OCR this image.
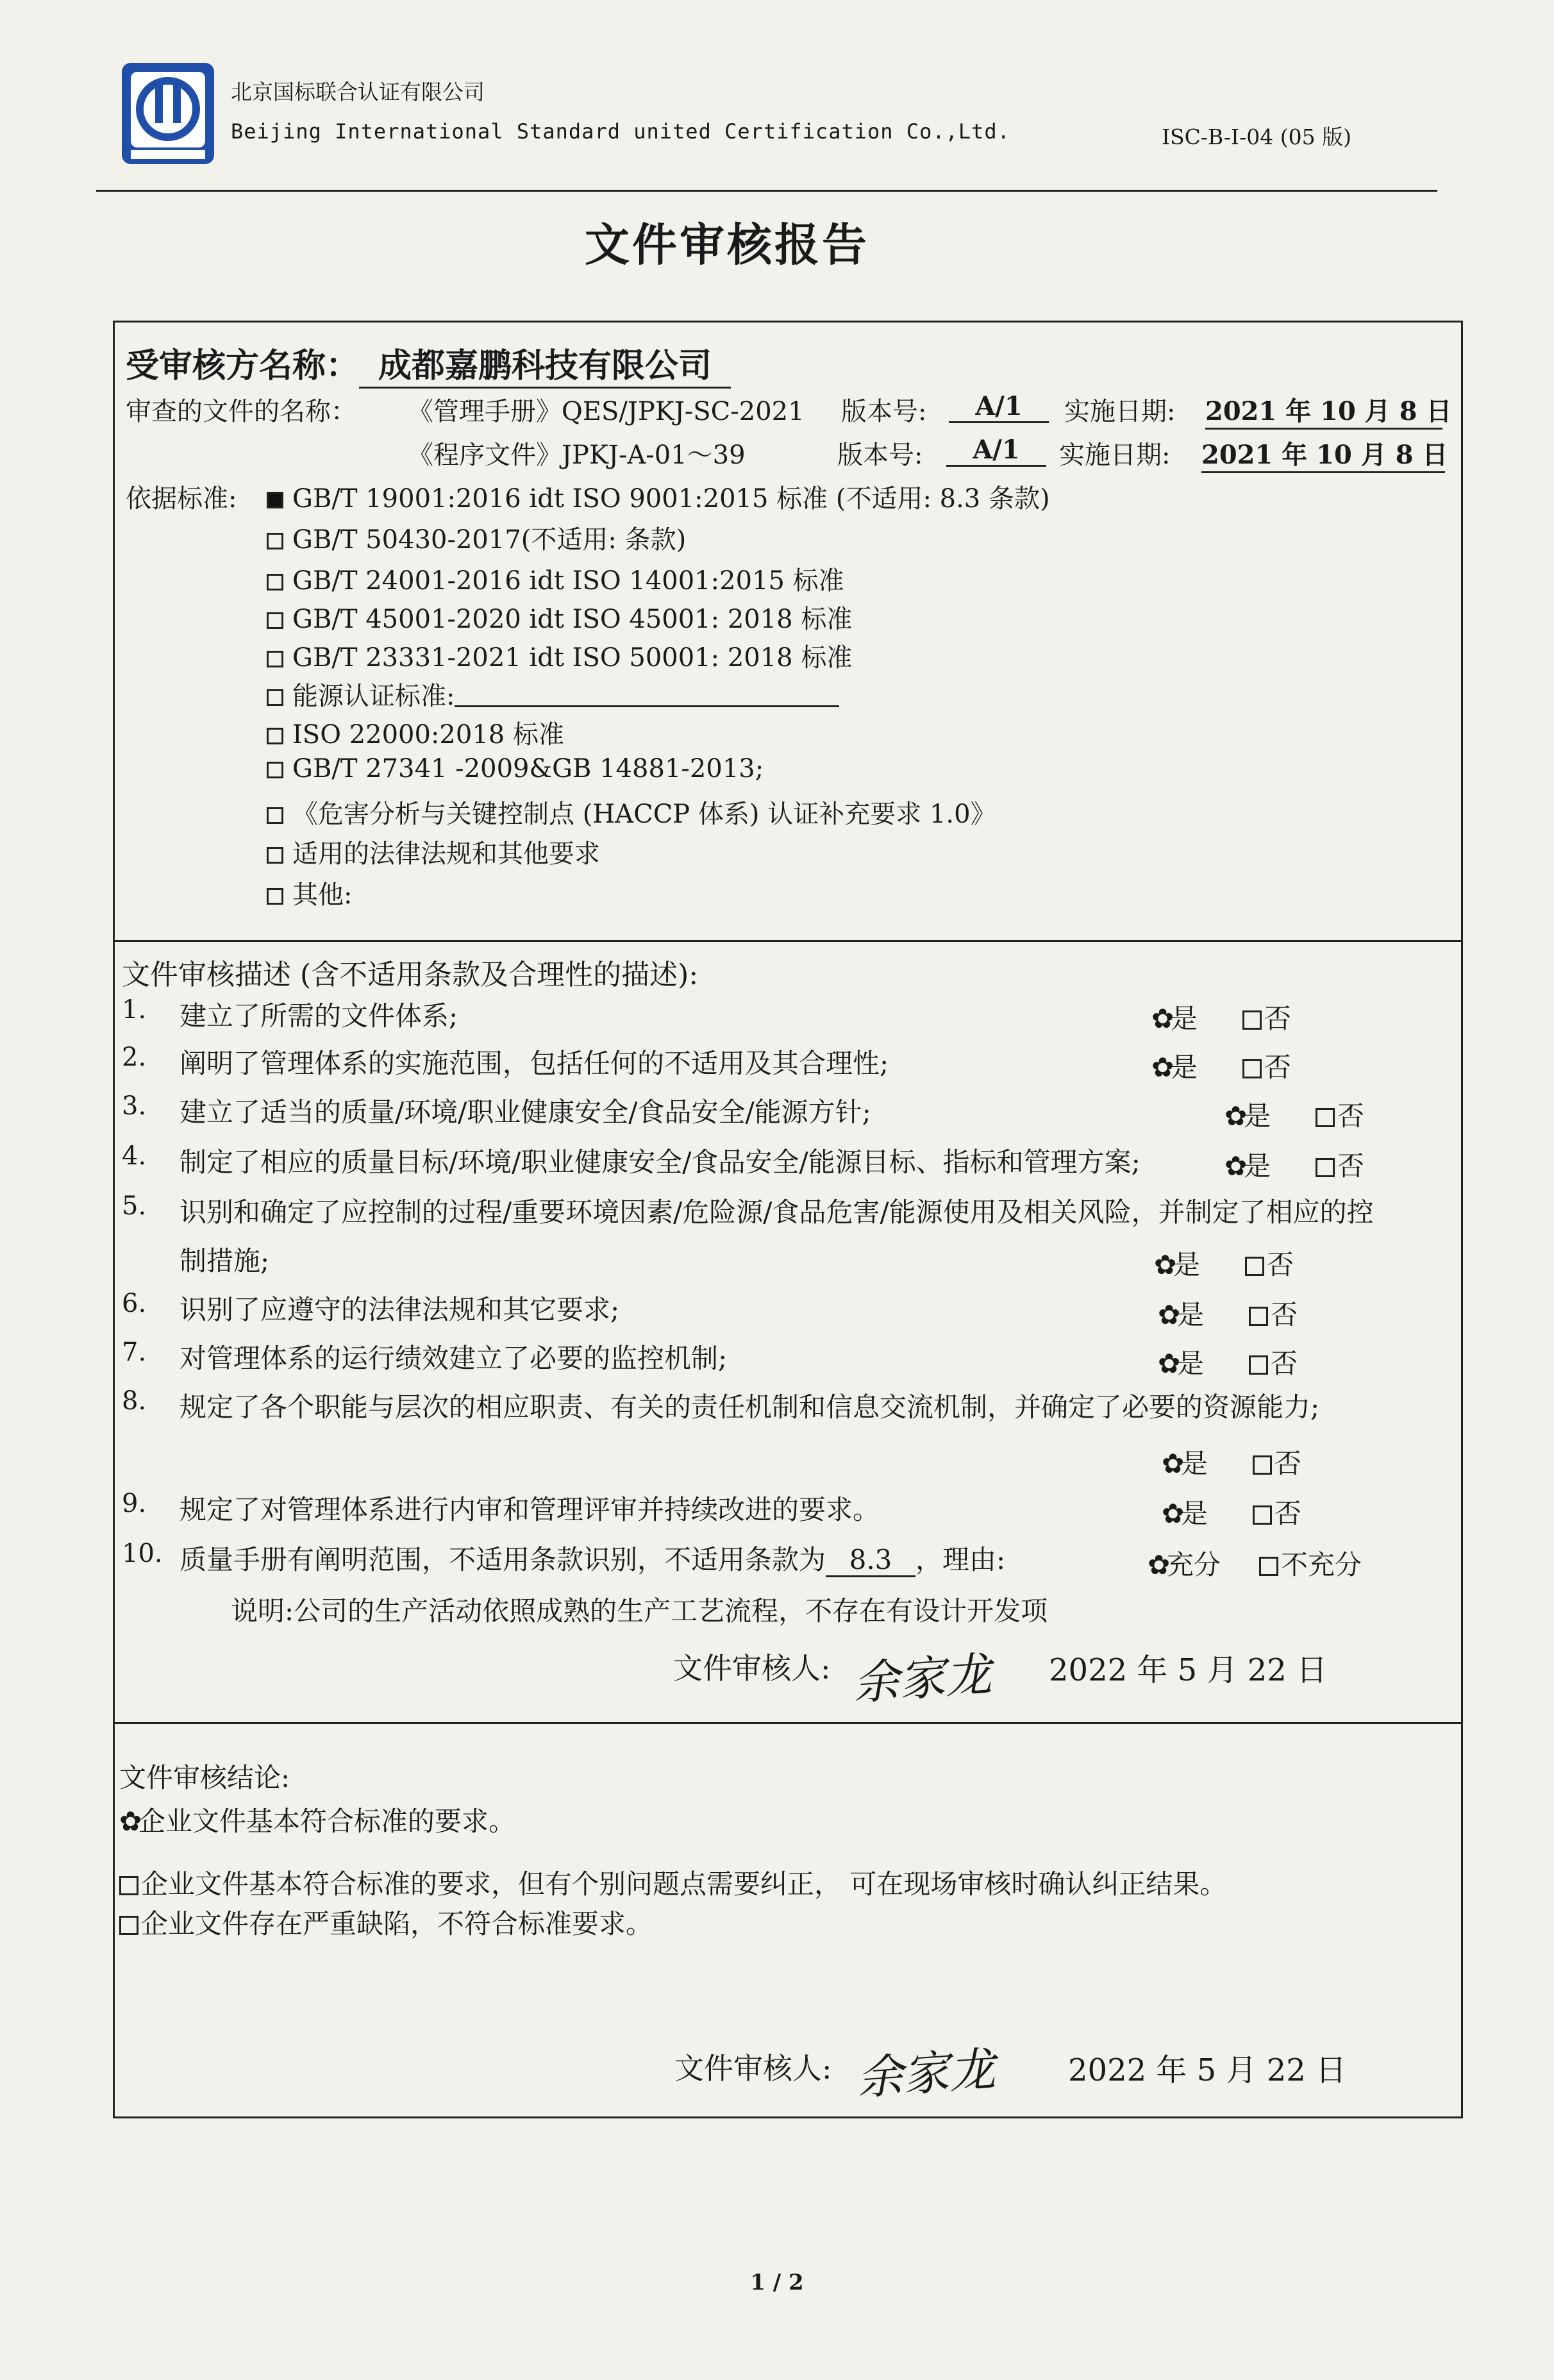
北京国标联合认证有限公司
Beijing International Standard united Certification Co.,Ltd.	ISC-B-I-04 (05 版)
文件审核报告
受审核方名称： 成都嘉鹏科技有限公司
审查的文件的名称： 《管理手册》QES/JPKJ-SC-2021 版本号:	A/1	实施日期: 2021 年 10 月 8 日
《程序文件》JPKJ-A-01～39	版本号:	A/1	实施日期: 2021 年 10 月 8 日
依据标准:	GB/T 19001:2016 idt ISO 9001:2015 标准 (不适用: 8.3 条款)
GB/T 50430-2017(不适用: 条款)
GB/T 24001-2016 idt ISO 14001:2015 标准
GB/T 45001-2020 idt ISO 45001: 2018 标准
GB/T 23331-2021 idt ISO 50001: 2018 标准
能源认证标准:
ISO 22000:2018 标准
GB/T 27341 -2009&GB 14881-2013;
《危害分析与关键控制点 (HACCP 体系) 认证补充要求 1.0》
适用的法律法规和其他要求
其他:
文件审核描述 (含不适用条款及合理性的描述):
1. 建立了所需的文件体系;	✿是 否
2. 阐明了管理体系的实施范围，包括任何的不适用及其合理性;	✿是 否
3. 建立了适当的质量/环境/职业健康安全/食品安全/能源方针;	✿是 否
4. 制定了相应的质量目标/环境/职业健康安全/食品安全/能源目标、指标和管理方案;	✿是 否
5. 识别和确定了应控制的过程/重要环境因素/危险源/食品危害/能源使用及相关风险，并制定了相应的控
制措施;	✿是 否
6. 识别了应遵守的法律法规和其它要求;	✿是 否
7. 对管理体系的运行绩效建立了必要的监控机制;	✿是 否
8. 规定了各个职能与层次的相应职责、有关的责任机制和信息交流机制，并确定了必要的资源能力;
✿是 否
9. 规定了对管理体系进行内审和管理评审并持续改进的要求。	✿是 否
10. 质量手册有阐明范围，不适用条款识别，不适用条款为 8.3 ，理由:	✿充分 不充分
说明:公司的生产活动依照成熟的生产工艺流程，不存在有设计开发项
文件审核人: 余家龙 2022 年 5 月 22 日
文件审核结论:
✿企业文件基本符合标准的要求。
企业文件基本符合标准的要求，但有个别问题点需要纠正， 可在现场审核时确认纠正结果。
企业文件存在严重缺陷，不符合标准要求。
文件审核人: 余家龙 2022 年 5 月 22 日
1 / 2
